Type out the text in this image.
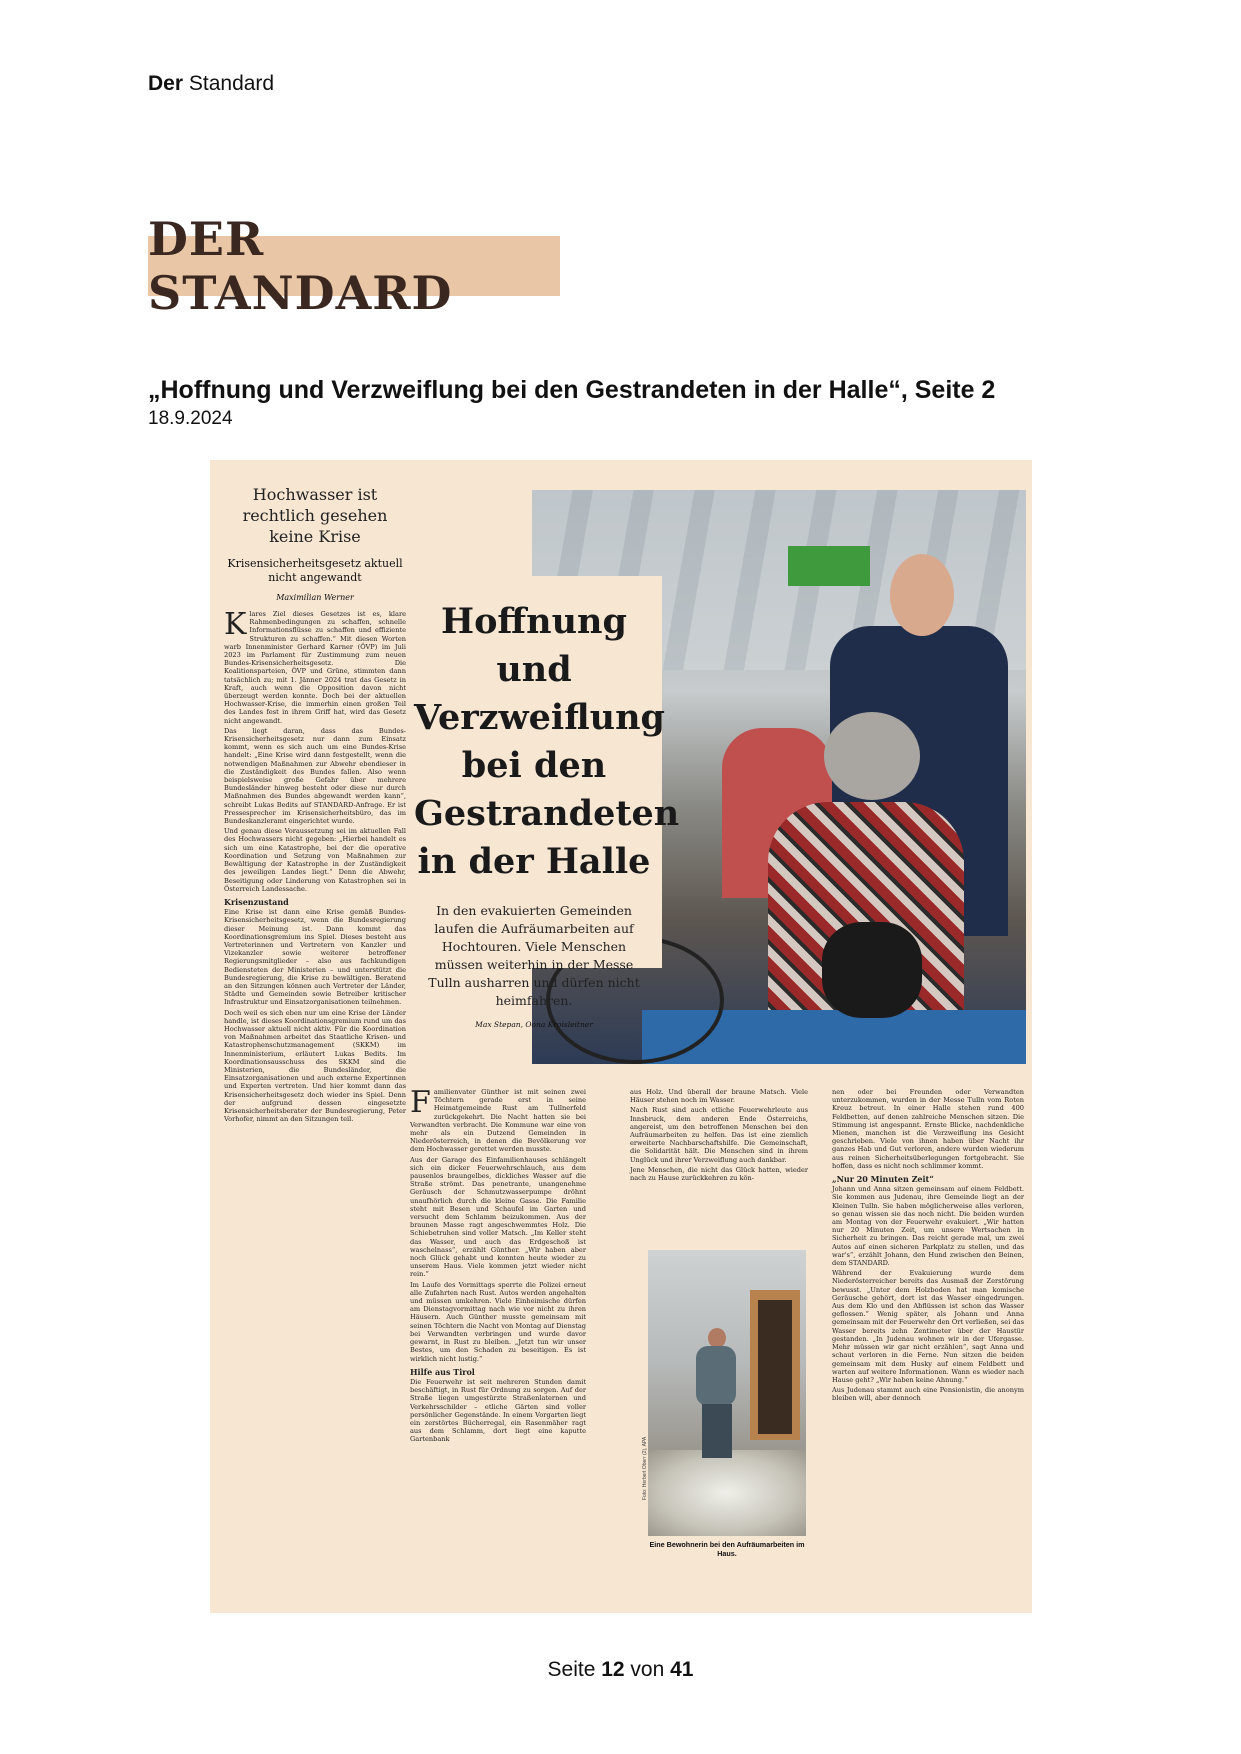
Der Standard
DER STANDARD
„Hoffnung und Verzweiflung bei den Gestrandeten in der Halle“, Seite 2
18.9.2024
Hochwasser ist rechtlich gesehen keine Krise
Krisensicherheitsgesetz aktuell nicht angewandt
Maximilian Werner

Klares Ziel dieses Gesetzes ist es, klare Rahmenbedingungen zu schaffen, schnelle Informationsflüsse zu schaffen und effiziente Strukturen zu schaffen.“ Mit diesen Worten warb Innenminister Gerhard Karner (ÖVP) im Juli 2023 im Parlament für Zustimmung zum neuen Bundes-Krisensicherheitsgesetz. Die Koalitionsparteien, ÖVP und Grüne, stimmten dann tatsächlich zu; mit 1. Jänner 2024 trat das Gesetz in Kraft, auch wenn die Opposition davon nicht überzeugt werden konnte. Doch bei der aktuellen Hochwasser-Krise, die immerhin einen großen Teil des Landes fest in ihrem Griff hat, wird das Gesetz nicht angewandt.

Das liegt daran, dass das Bundes-Krisensicherheitsgesetz nur dann zum Einsatz kommt, wenn es sich auch um eine Bundes-Krise handelt: „Eine Krise wird dann festgestellt, wenn die notwendigen Maßnahmen zur Abwehr ebendieser in die Zuständigkeit des Bundes fallen. Also wenn beispielsweise große Gefahr über mehrere Bundesländer hinweg besteht oder diese nur durch Maßnahmen des Bundes abgewandt werden kann“, schreibt Lukas Bedits auf STANDARD-Anfrage. Er ist Pressesprecher im Krisensicherheitsbüro, das im Bundeskanzleramt eingerichtet wurde.

Und genau diese Voraussetzung sei im aktuellen Fall des Hochwassers nicht gegeben: „Hierbei handelt es sich um eine Katastrophe, bei der die operative Koordination und Setzung von Maßnahmen zur Bewältigung der Katastrophe in der Zuständigkeit des jeweiligen Landes liegt.“ Denn die Abwehr, Beseitigung oder Linderung von Katastrophen sei in Österreich Landessache.

Krisenzustand

Eine Krise ist dann eine Krise gemäß Bundes-Krisensicherheitsgesetz, wenn die Bundesregierung dieser Meinung ist. Dann kommt das Koordinationsgremium ins Spiel. Dieses besteht aus Vertreterinnen und Vertretern von Kanzler und Vizekanzler sowie weiterer betroffener Regierungsmitglieder – also aus fachkundigen Bediensteten der Ministerien – und unterstützt die Bundesregierung, die Krise zu bewältigen. Beratend an den Sitzungen können auch Vertreter der Länder, Städte und Gemeinden sowie Betreiber kritischer Infrastruktur und Einsatzorganisationen teilnehmen.

Doch weil es sich eben nur um eine Krise der Länder handle, ist dieses Koordinationsgremium rund um das Hochwasser aktuell nicht aktiv. Für die Koordination von Maßnahmen arbeitet das Staatliche Krisen- und Katastrophenschutzmanagement (SKKM) im Innenministerium, erläutert Lukas Bedits. Im Koordinationsausschuss des SKKM sind die Ministerien, die Bundesländer, die Einsatzorganisationen und auch externe Expertinnen und Experten vertreten. Und hier kommt dann das Krisensicherheitsgesetz doch wieder ins Spiel. Denn der aufgrund dessen eingesetzte Krisensicherheitsberater der Bundesregierung, Peter Vorhofer, nimmt an den Sitzungen teil.

Hoffnung und Verzweiflung bei den Gestrandeten in der Halle
In den evakuierten Gemeinden laufen die Aufräumarbeiten auf Hochtouren. Viele Menschen müssen weiterhin in der Messe Tulln ausharren und dürfen nicht heimfahren.
Max Stepan, Oona Kroisleitner

Familienvater Günther ist mit seinen zwei Töchtern gerade erst in seine Heimatgemeinde Rust am Tullnerfeld zurückgekehrt. Die Nacht hatten sie bei Verwandten verbracht. Die Kommune war eine von mehr als ein Dutzend Gemeinden in Niederösterreich, in denen die Bevölkerung vor dem Hochwasser gerettet werden musste.

Aus der Garage des Einfamilienhauses schlängelt sich ein dicker Feuerwehrschlauch, aus dem pausenlos braungelbes, dickliches Wasser auf die Straße strömt. Das penetrante, unangenehme Geräusch der Schmutzwasserpumpe dröhnt unaufhörlich durch die kleine Gasse. Die Familie steht mit Besen und Schaufel im Garten und versucht dem Schlamm beizukommen. Aus der braunen Masse ragt angeschwemmtes Holz. Die Schiebetruhen sind voller Matsch. „Im Keller steht das Wasser, und auch das Erdgeschoß ist waschelnass“, erzählt Günther. „Wir haben aber noch Glück gehabt und konnten heute wieder zu unserem Haus. Viele kommen jetzt wieder nicht rein.“

Im Laufe des Vormittags sperrte die Polizei erneut alle Zufahrten nach Rust. Autos werden angehalten und müssen umkehren. Viele Einheimische dürfen am Dienstagvormittag nach wie vor nicht zu ihren Häusern. Auch Günther musste gemeinsam mit seinen Töchtern die Nacht von Montag auf Dienstag bei Verwandten verbringen und wurde davor gewarnt, in Rust zu bleiben. „Jetzt tun wir unser Bestes, um den Schaden zu beseitigen. Es ist wirklich nicht lustig.“

Hilfe aus Tirol

Die Feuerwehr ist seit mehreren Stunden damit beschäftigt, in Rust für Ordnung zu sorgen. Auf der Straße liegen umgestürzte Straßenlaternen und Verkehrsschilder – etliche Gärten sind voller persönlicher Gegenstände. In einem Vorgarten liegt ein zerstörtes Bücherregal, ein Rasenmäher ragt aus dem Schlamm, dort liegt eine kaputte Gartenbank

aus Holz. Und überall der braune Matsch. Viele Häuser stehen noch im Wasser.

Nach Rust sind auch etliche Feuerwehrleute aus Innsbruck, dem anderen Ende Österreichs, angereist, um den betroffenen Menschen bei den Aufräumarbeiten zu helfen. Das ist eine ziemlich erweiterte Nachbarschaftshilfe. Die Gemeinschaft, die Solidarität hält. Die Menschen sind in ihrem Unglück und ihrer Verzweiflung auch dankbar.

Jene Menschen, die nicht das Glück hatten, wieder nach zu Hause zurückkehren zu kön-

Foto: Herbert Oberr (2), APA
Eine Bewohnerin bei den Aufräumarbeiten im Haus.

nen oder bei Freunden oder Verwandten unterzukommen, wurden in der Messe Tulln vom Roten Kreuz betreut. In einer Halle stehen rund 400 Feldbetten, auf denen zahlreiche Menschen sitzen. Die Stimmung ist angespannt. Ernste Blicke, nachdenkliche Mienen, manchen ist die Verzweiflung ins Gesicht geschrieben. Viele von ihnen haben über Nacht ihr ganzes Hab und Gut verloren, andere wurden wiederum aus reinen Sicherheitsüberlegungen fortgebracht. Sie hoffen, dass es nicht noch schlimmer kommt.

„Nur 20 Minuten Zeit“

Johann und Anna sitzen gemeinsam auf einem Feldbett. Sie kommen aus Judenau, ihre Gemeinde liegt an der Kleinen Tulln. Sie haben möglicherweise alles verloren, so genau wissen sie das noch nicht. Die beiden wurden am Montag von der Feuerwehr evakuiert. „Wir hatten nur 20 Minuten Zeit, um unsere Wertsachen in Sicherheit zu bringen. Das reicht gerade mal, um zwei Autos auf einen sicheren Parkplatz zu stellen, und das war's“, erzählt Johann, den Hund zwischen den Beinen, dem STANDARD.

Während der Evakuierung wurde dem Niederösterreicher bereits das Ausmaß der Zerstörung bewusst. „Unter dem Holzboden hat man komische Geräusche gehört, dort ist das Wasser eingedrungen. Aus dem Klo und den Abflüssen ist schon das Wasser geflossen.“ Wenig später, als Johann und Anna gemeinsam mit der Feuerwehr den Ort verließen, sei das Wasser bereits zehn Zentimeter über der Haustür gestanden. „In Judenau wohnen wir in der Ufergasse. Mehr müssen wir gar nicht erzählen“, sagt Anna und schaut verloren in die Ferne. Nun sitzen die beiden gemeinsam mit dem Husky auf einem Feldbett und warten auf weitere Informationen. Wann es wieder nach Hause geht? „Wir haben keine Ahnung.“

Aus Judenau stammt auch eine Pensionistin, die anonym bleiben will, aber dennoch

Seite 12 von 41
